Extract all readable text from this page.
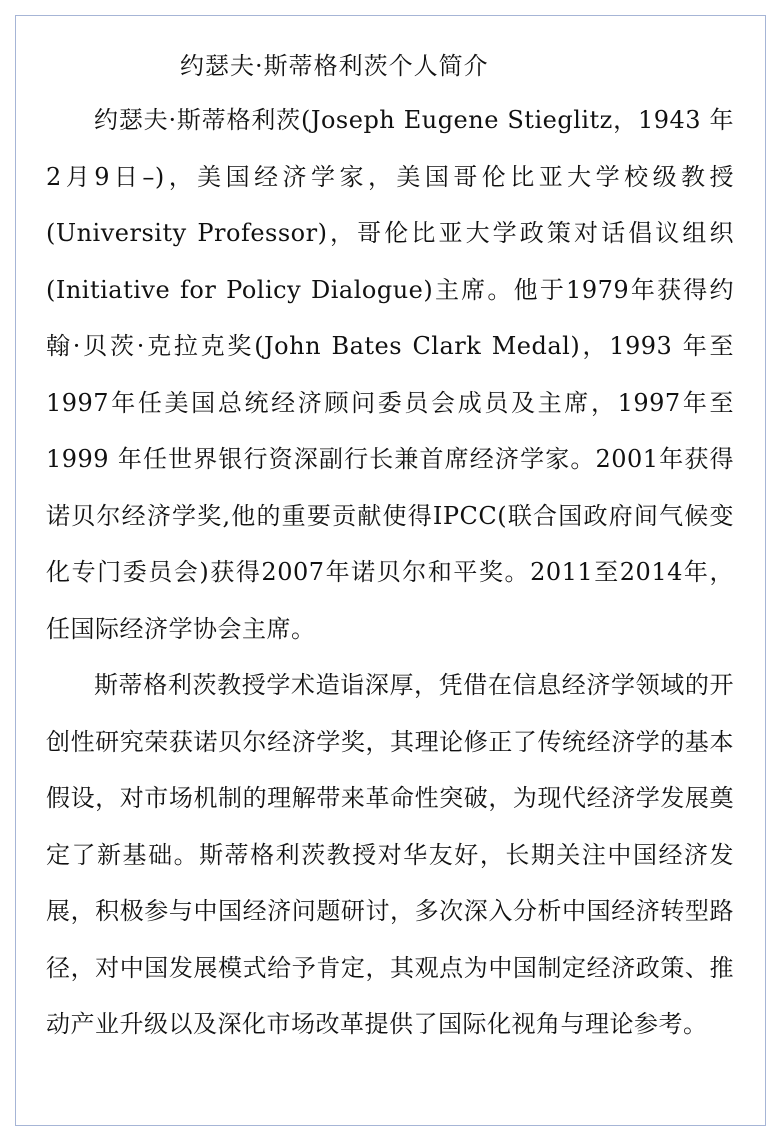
约瑟夫·斯蒂格利茨个人简介

约瑟夫·斯蒂格利茨(Joseph Eugene Stieglitz，1943 年2月9日–)，美国经济学家，美国哥伦比亚大学校级教授(University Professor)，哥伦比亚大学政策对话倡议组织(Initiative for Policy Dialogue)主席。他于1979年获得约翰·贝茨·克拉克奖(John Bates Clark Medal)，1993 年至1997年任美国总统经济顾问委员会成员及主席，1997年至1999 年任世界银行资深副行长兼首席经济学家。2001年获得诺贝尔经济学奖,他的重要贡献使得IPCC(联合国政府间气候变化专门委员会)获得2007年诺贝尔和平奖。2011至2014年，任国际经济学协会主席。

斯蒂格利茨教授学术造诣深厚，凭借在信息经济学领域的开创性研究荣获诺贝尔经济学奖，其理论修正了传统经济学的基本假设，对市场机制的理解带来革命性突破，为现代经济学发展奠定了新基础。斯蒂格利茨教授对华友好，长期关注中国经济发展，积极参与中国经济问题研讨，多次深入分析中国经济转型路径，对中国发展模式给予肯定，其观点为中国制定经济政策、推动产业升级以及深化市场改革提供了国际化视角与理论参考。
